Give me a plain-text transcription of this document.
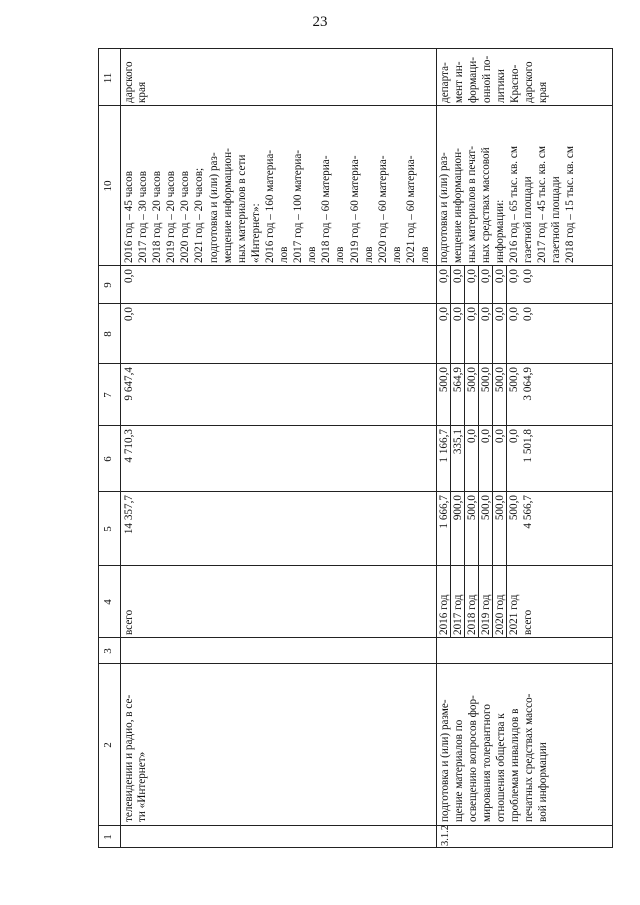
23
1
2
3
4
5
6
7
8
9
10
11
телевидении и радио, в се- ти «Интернет»
всего
14 357,7
4 710,3
9 647,4
0,0
0,0
2016 год – 45 часов 2017 год – 30 часов 2018 год – 20 часов 2019 год – 20 часов 2020 год – 20 часов 2021 год – 20 часов; подготовка и (или) раз- мещение информацион- ных материалов в сети «Интернет»: 2016 год – 160 материа- лов 2017 год – 100 материа- лов 2018 год – 60 материа- лов 2019 год – 60 материа- лов 2020 год – 60 материа- лов 2021 год – 60 материа- лов
дарского края
3.1.2
подготовка и (или) разме- щение материалов по освещению вопросов фор- мирования толерантного отношения общества к проблемам инвалидов в печатных средствах массо- вой информации
2016 год 2017 год 2018 год 2019 год 2020 год 2021 год всего
1 666,7 900,0 500,0 500,0 500,0 500,0 4 566,7
1 166,7 335,1 0,0 0,0 0,0 0,0 1 501,8
500,0 564,9 500,0 500,0 500,0 500,0 3 064,9
0,0 0,0 0,0 0,0 0,0 0,0 0,0
0,0 0,0 0,0 0,0 0,0 0,0 0,0
подготовка и (или) раз- мещение информацион- ных материалов в печат- ных средствах массовой информации: 2016 год – 65 тыс. кв. см газетной площади 2017 год – 45 тыс. кв. см газетной площади 2018 год – 15 тыс. кв. см
департа- мент ин- формаци- онной по- литики Красно- дарского края
